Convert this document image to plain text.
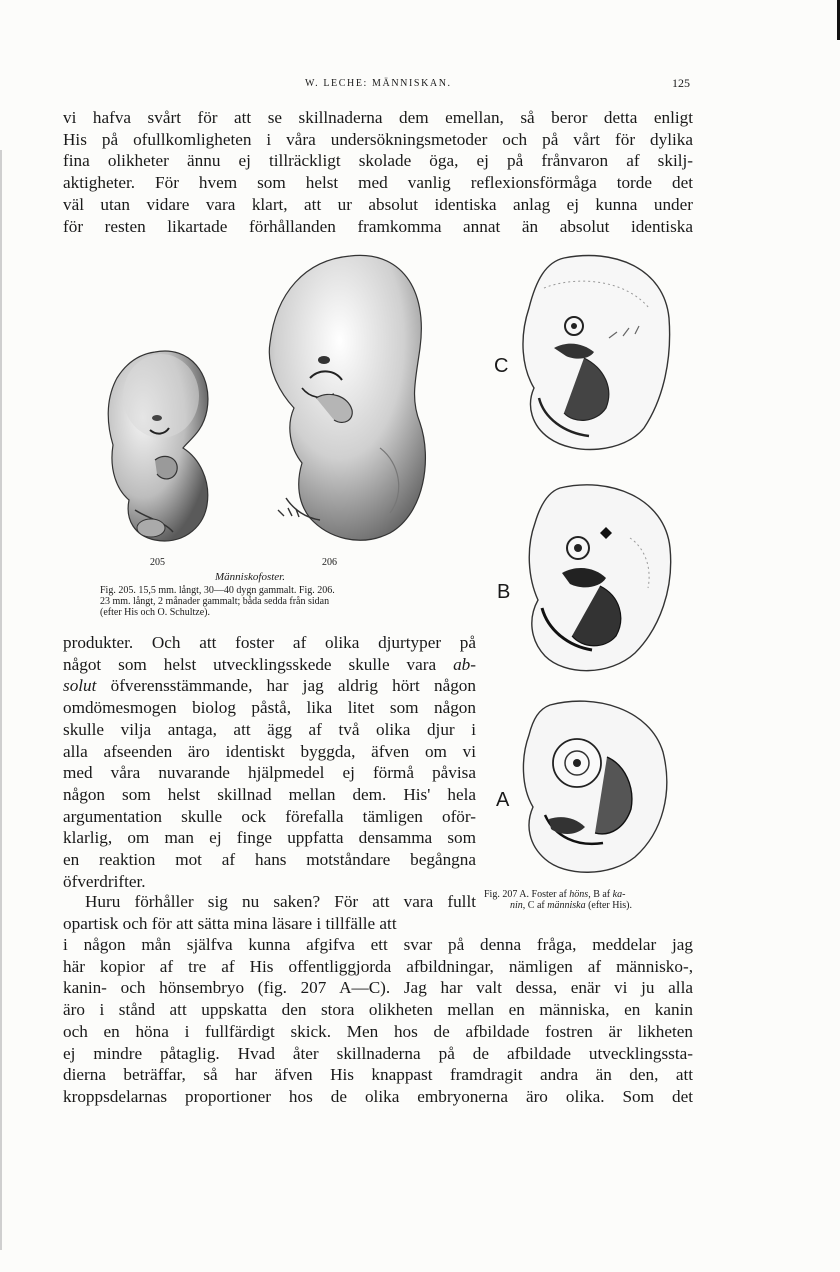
W. LECHE: MÄNNISKAN.	125

vi hafva svårt för att se skillnaderna dem emellan, så beror detta enligt
His på ofullkomligheten i våra undersökningsmetoder och på vårt för dylika
fina olikheter ännu ej tillräckligt skolade öga, ej på frånvaron af skilj-
aktigheter. För hvem som helst med vanlig reflexionsförmåga torde det
väl utan vidare vara klart, att ur absolut identiska anlag ej kunna under
för resten likartade förhållanden framkomma annat än absolut identiska

205	206
Människofoster.
Fig. 205. 15,5 mm. långt, 30—40 dygn gammalt. Fig. 206.
23 mm. långt, 2 månader gammalt; båda sedda från sidan
(efter His och O. Schultze).
C
B
A

produkter. Och att foster af olika djurtyper på
något som helst utvecklingsskede skulle vara ab-
solut öfverensstämmande, har jag aldrig hört någon
omdömesmogen biolog påstå, lika litet som någon
skulle vilja antaga, att ägg af två olika djur i
alla afseenden äro identiskt byggda, äfven om vi
med våra nuvarande hjälpmedel ej förmå påvisa
någon som helst skillnad mellan dem. His' hela
argumentation skulle ock förefalla tämligen oför-
klarlig, om man ej finge uppfatta densamma som
en reaktion mot af hans motståndare begångna
öfverdrifter.

Huru förhåller sig nu saken? För att vara fullt
opartisk och för att sätta mina läsare i tillfälle att

Fig. 207 A. Foster af höns, B af ka-
nin, C af människa (efter His).

i någon mån själfva kunna afgifva ett svar på denna fråga, meddelar jag
här kopior af tre af His offentliggjorda afbildningar, nämligen af människo-,
kanin- och hönsembryo (fig. 207 A—C). Jag har valt dessa, enär vi ju alla
äro i stånd att uppskatta den stora olikheten mellan en människa, en kanin
och en höna i fullfärdigt skick. Men hos de afbildade fostren är likheten
ej mindre påtaglig. Hvad åter skillnaderna på de afbildade utvecklingssta-
dierna beträffar, så har äfven His knappast framdragit andra än den, att
kroppsdelarnas proportioner hos de olika embryonerna äro olika. Som det
